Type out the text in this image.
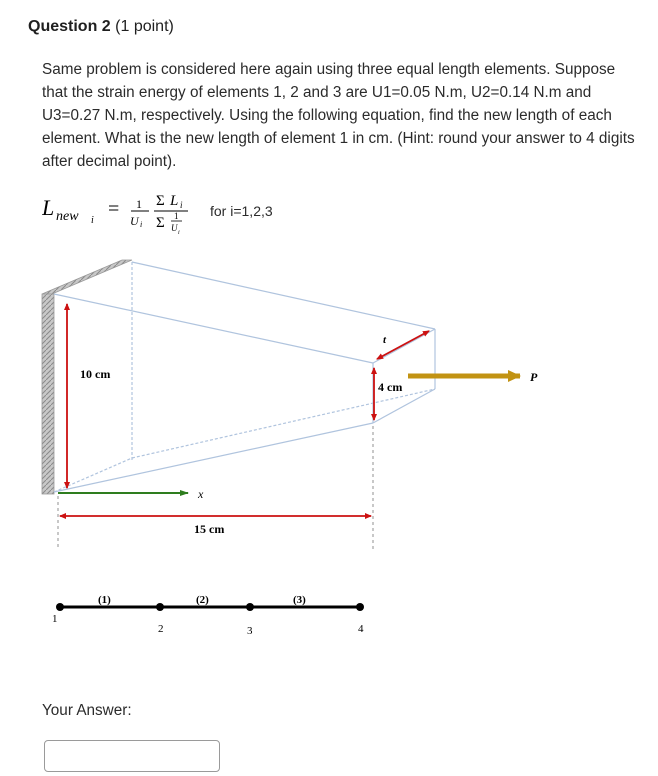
Question 2 (1 point)
Same problem is considered here again using three equal length elements. Suppose that the strain energy of elements 1, 2 and 3 are U1=0.05 N.m, U2=0.14 N.m and U3=0.27 N.m, respectively. Using the following equation, find the new length of each element. What is the new length of element 1 in cm. (Hint: round your answer to 4 digits after decimal point).
L new i
= 1
U i
Σ L i
Σ 1
U i
for i=1,2,3
10 cm
4 cm
t
x
P
15 cm
(1)	(2)	(3)
1
2	3	4
Your Answer:
